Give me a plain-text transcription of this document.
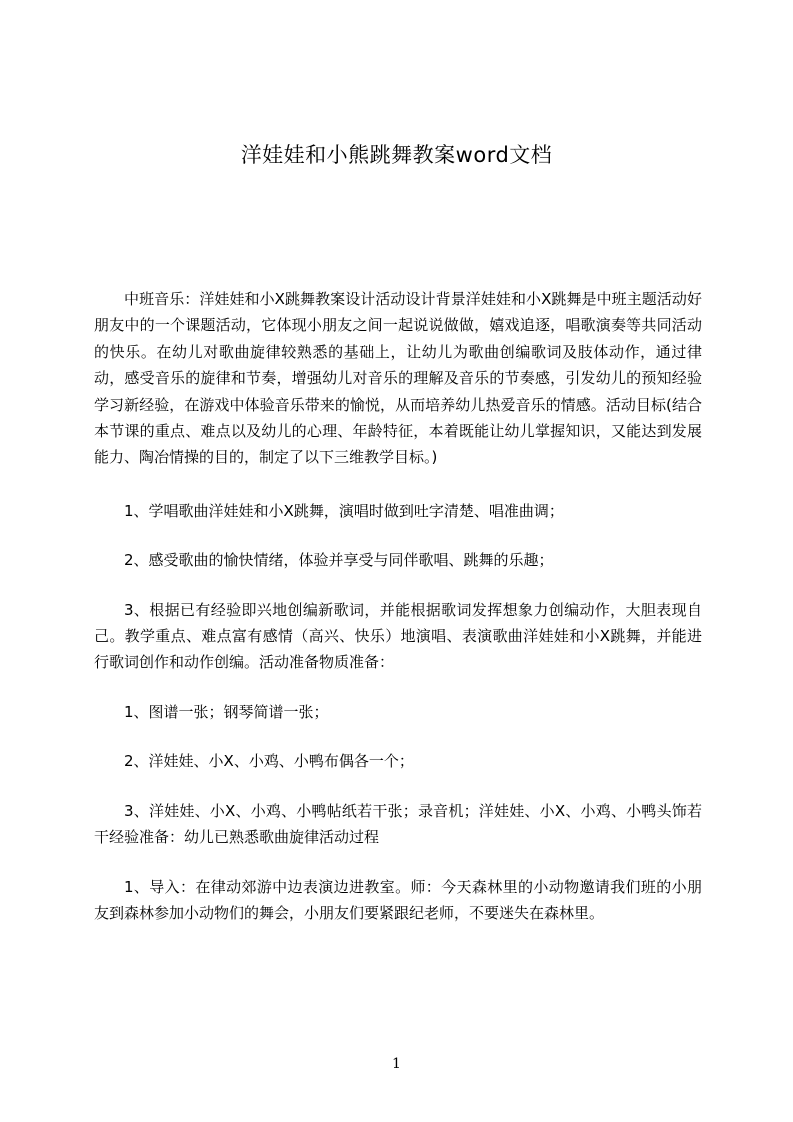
洋娃娃和小熊跳舞教案word文档

中班音乐：洋娃娃和小X跳舞教案设计活动设计背景洋娃娃和小X跳舞是中班主题活动好朋友中的一个课题活动，它体现小朋友之间一起说说做做，嬉戏追逐，唱歌演奏等共同活动的快乐。在幼儿对歌曲旋律较熟悉的基础上，让幼儿为歌曲创编歌词及肢体动作，通过律动，感受音乐的旋律和节奏，增强幼儿对音乐的理解及音乐的节奏感，引发幼儿的预知经验学习新经验，在游戏中体验音乐带来的愉悦，从而培养幼儿热爱音乐的情感。活动目标(结合本节课的重点、难点以及幼儿的心理、年龄特征，本着既能让幼儿掌握知识，又能达到发展能力、陶冶情操的目的，制定了以下三维教学目标。)

1、学唱歌曲洋娃娃和小X跳舞，演唱时做到吐字清楚、唱准曲调；

2、感受歌曲的愉快情绪，体验并享受与同伴歌唱、跳舞的乐趣；

3、根据已有经验即兴地创编新歌词，并能根据歌词发挥想象力创编动作，大胆表现自己。教学重点、难点富有感情（高兴、快乐）地演唱、表演歌曲洋娃娃和小X跳舞，并能进行歌词创作和动作创编。活动准备物质准备：

1、图谱一张；钢琴简谱一张；

2、洋娃娃、小X、小鸡、小鸭布偶各一个；

3、洋娃娃、小X、小鸡、小鸭帖纸若干张；录音机；洋娃娃、小X、小鸡、小鸭头饰若干经验准备：幼儿已熟悉歌曲旋律活动过程

1、导入：在律动郊游中边表演边进教室。师：今天森林里的小动物邀请我们班的小朋友到森林参加小动物们的舞会，小朋友们要紧跟纪老师，不要迷失在森林里。

1
